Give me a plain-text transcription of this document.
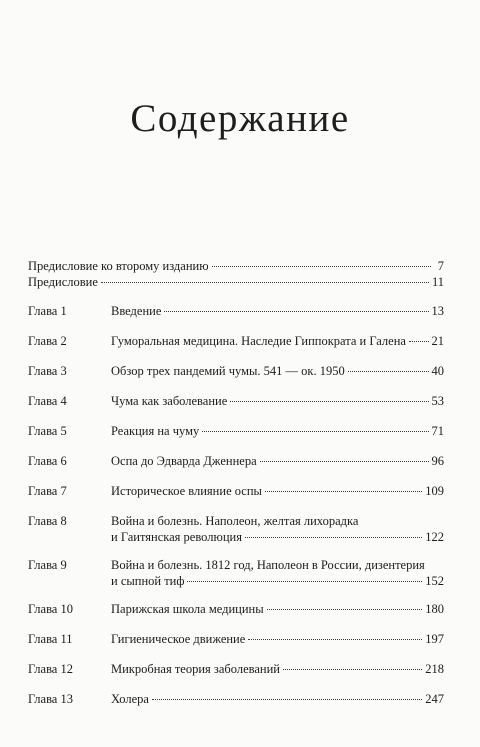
Содержание
Предисловие ко второму изданию	7
Предисловие	11
Глава 1	Введение	13
Глава 2	Гуморальная медицина. Наследие Гиппократа и Галена 21
Глава 3	Обзор трех пандемий чумы. 541 — ок. 1950	40
Глава 4	Чума как заболевание	53
Глава 5	Реакция на чуму	71
Глава 6	Оспа до Эдварда Дженнера	96
Глава 7	Историческое влияние оспы	109
Глава 8	Война и болезнь. Наполеон, желтая лихорадка
и Гаитянская революция	122
Глава 9	Война и болезнь. 1812 год, Наполеон в России, дизентерия
и сыпной тиф	152
Глава 10	Парижская школа медицины	180
Глава 11	Гигиеническое движение	197
Глава 12	Микробная теория заболеваний	218
Глава 13	Холера	247
